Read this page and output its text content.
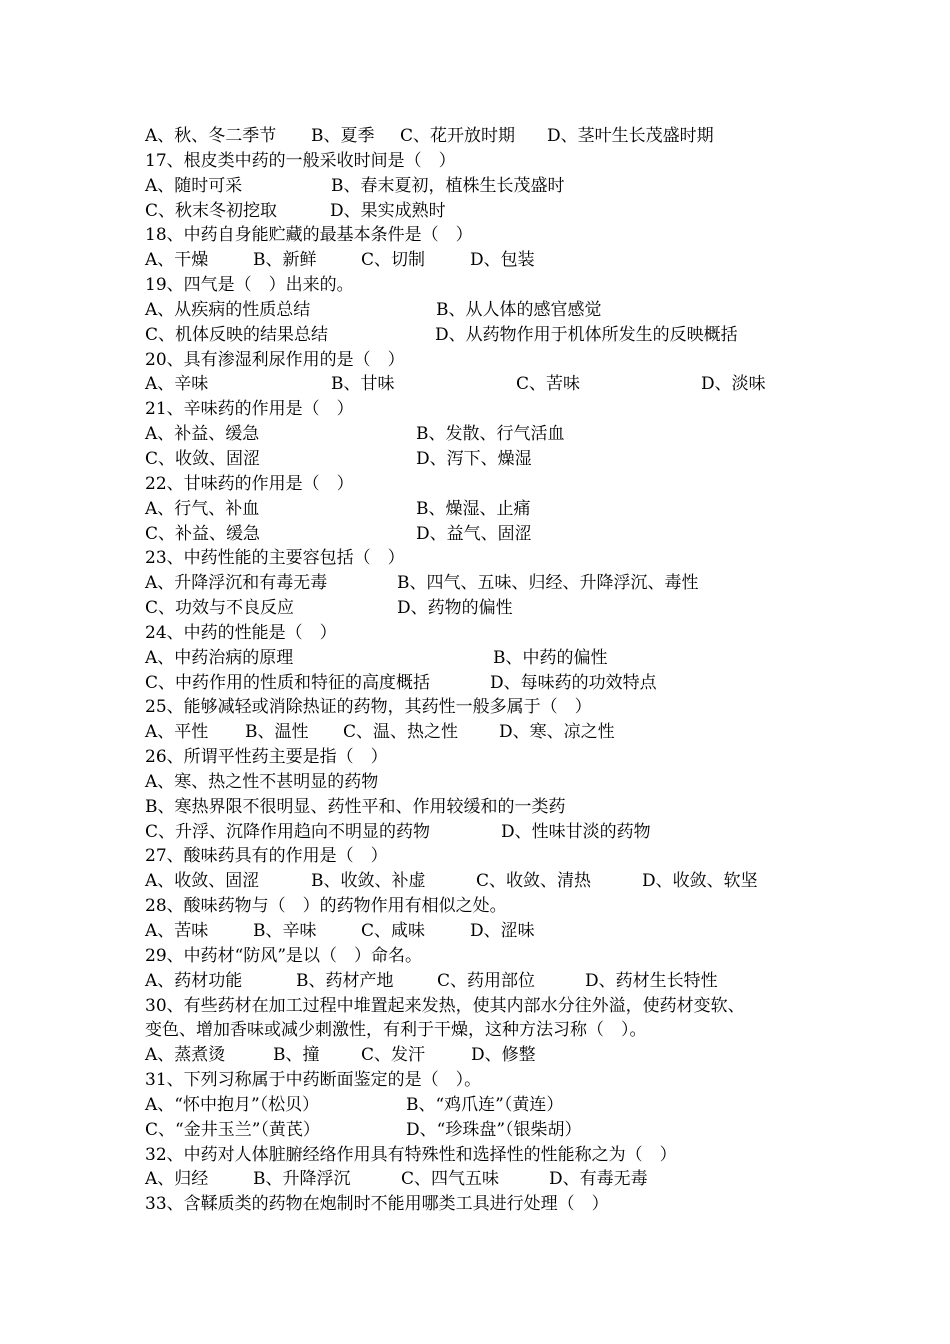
A、秋、冬二季节 B、夏季 C、花开放时期 D、茎叶生长茂盛时期
17、根皮类中药的一般采收时间是（　）
A、随时可采	B、春末夏初，植株生长茂盛时
C、秋末冬初挖取	D、果实成熟时
18、中药自身能贮藏的最基本条件是（　）
A、干燥	B、新鲜	C、切制	D、包装
19、四气是（　）出来的。
A、从疾病的性质总结	B、从人体的感官感觉
C、机体反映的结果总结	D、从药物作用于机体所发生的反映概括
20、具有渗湿利尿作用的是（　）
A、辛味	B、甘味	C、苦味	D、淡味
21、辛味药的作用是（　）
A、补益、缓急	B、发散、行气活血
C、收敛、固涩	D、泻下、燥湿
22、甘味药的作用是（　）
A、行气、补血	B、燥湿、止痛
C、补益、缓急	D、益气、固涩
23、中药性能的主要容包括（　）
A、升降浮沉和有毒无毒	B、四气、五味、归经、升降浮沉、毒性
C、功效与不良反应	D、药物的偏性
24、中药的性能是（　）
A、中药治病的原理	B、中药的偏性
C、中药作用的性质和特征的高度概括	D、每味药的功效特点
25、能够减轻或消除热证的药物，其药性一般多属于（　）
A、平性 B、温性 C、温、热之性 D、寒、凉之性
26、所谓平性药主要是指（　）
A、寒、热之性不甚明显的药物
B、寒热界限不很明显、药性平和、作用较缓和的一类药
C、升浮、沉降作用趋向不明显的药物	D、性味甘淡的药物
27、酸味药具有的作用是（　）
A、收敛、固涩	B、收敛、补虚	C、收敛、清热	D、收敛、软坚
28、酸味药物与（　）的药物作用有相似之处。
A、苦味	B、辛味	C、咸味	D、涩味
29、中药材“防风”是以（　）命名。
A、药材功能	B、药材产地	C、药用部位	D、药材生长特性
30、有些药材在加工过程中堆置起来发热，使其内部水分往外溢，使药材变软、
变色、增加香味或减少刺激性，有利于干燥，这种方法习称（　）。
A、蒸煮烫	B、撞 C、发汗	D、修整
31、下列习称属于中药断面鉴定的是（　）。
A、“怀中抱月”（松贝）	B、“鸡爪连”（黄连）
C、“金井玉兰”（黄芪）	D、“珍珠盘”（银柴胡）
32、中药对人体脏腑经络作用具有特殊性和选择性的性能称之为（　）
A、归经	B、升降浮沉	C、四气五味	D、有毒无毒
33、含鞣质类的药物在炮制时不能用哪类工具进行处理（　）
